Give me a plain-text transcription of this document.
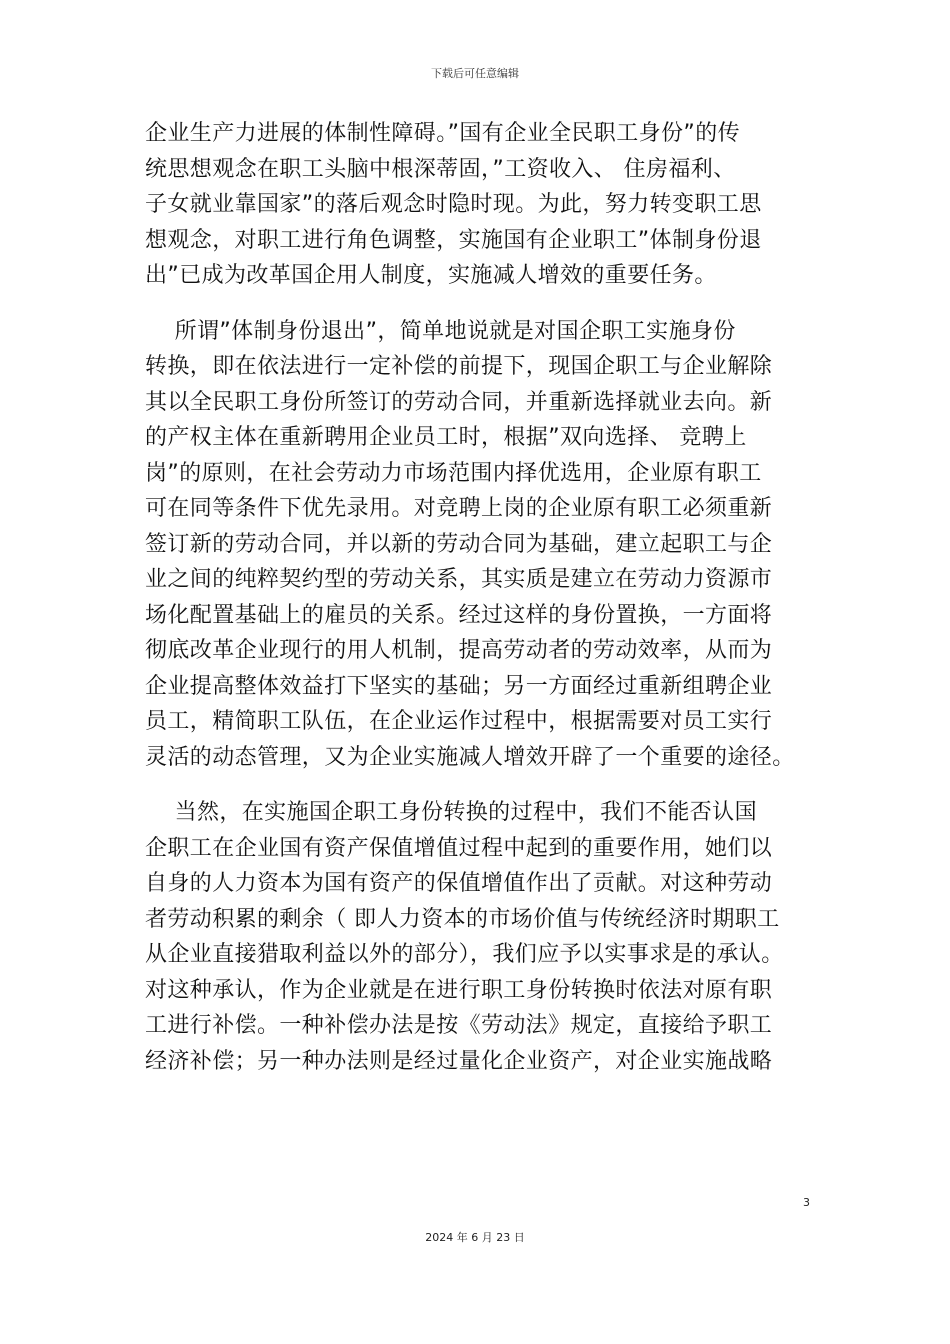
下载后可任意编辑

企业生产力进展的体制性障碍。”国有企业全民职工身份”的传
统思想观念在职工头脑中根深蒂固，”工资收入、 住房福利、
子女就业靠国家”的落后观念时隐时现。为此，努力转变职工思
想观念，对职工进行角色调整，实施国有企业职工”体制身份退
出”已成为改革国企用人制度，实施减人增效的重要任务。

所谓”体制身份退出”，简单地说就是对国企职工实施身份
转换，即在依法进行一定补偿的前提下，现国企职工与企业解除
其以全民职工身份所签订的劳动合同，并重新选择就业去向。新
的产权主体在重新聘用企业员工时，根据”双向选择、 竞聘上
岗”的原则，在社会劳动力市场范围内择优选用，企业原有职工
可在同等条件下优先录用。对竞聘上岗的企业原有职工必须重新
签订新的劳动合同，并以新的劳动合同为基础，建立起职工与企
业之间的纯粹契约型的劳动关系，其实质是建立在劳动力资源市
场化配置基础上的雇员的关系。经过这样的身份置换，一方面将
彻底改革企业现行的用人机制，提高劳动者的劳动效率，从而为
企业提高整体效益打下坚实的基础；另一方面经过重新组聘企业
员工，精简职工队伍，在企业运作过程中，根据需要对员工实行
灵活的动态管理，又为企业实施减人增效开辟了一个重要的途径。

当然，在实施国企职工身份转换的过程中，我们不能否认国
企职工在企业国有资产保值增值过程中起到的重要作用，她们以
自身的人力资本为国有资产的保值增值作出了贡献。对这种劳动
者劳动积累的剩余（ 即人力资本的市场价值与传统经济时期职工
从企业直接猎取利益以外的部分），我们应予以实事求是的承认。
对这种承认，作为企业就是在进行职工身份转换时依法对原有职
工进行补偿。一种补偿办法是按《劳动法》规定，直接给予职工
经济补偿；另一种办法则是经过量化企业资产，对企业实施战略

3
2024 年 6 月 23 日
